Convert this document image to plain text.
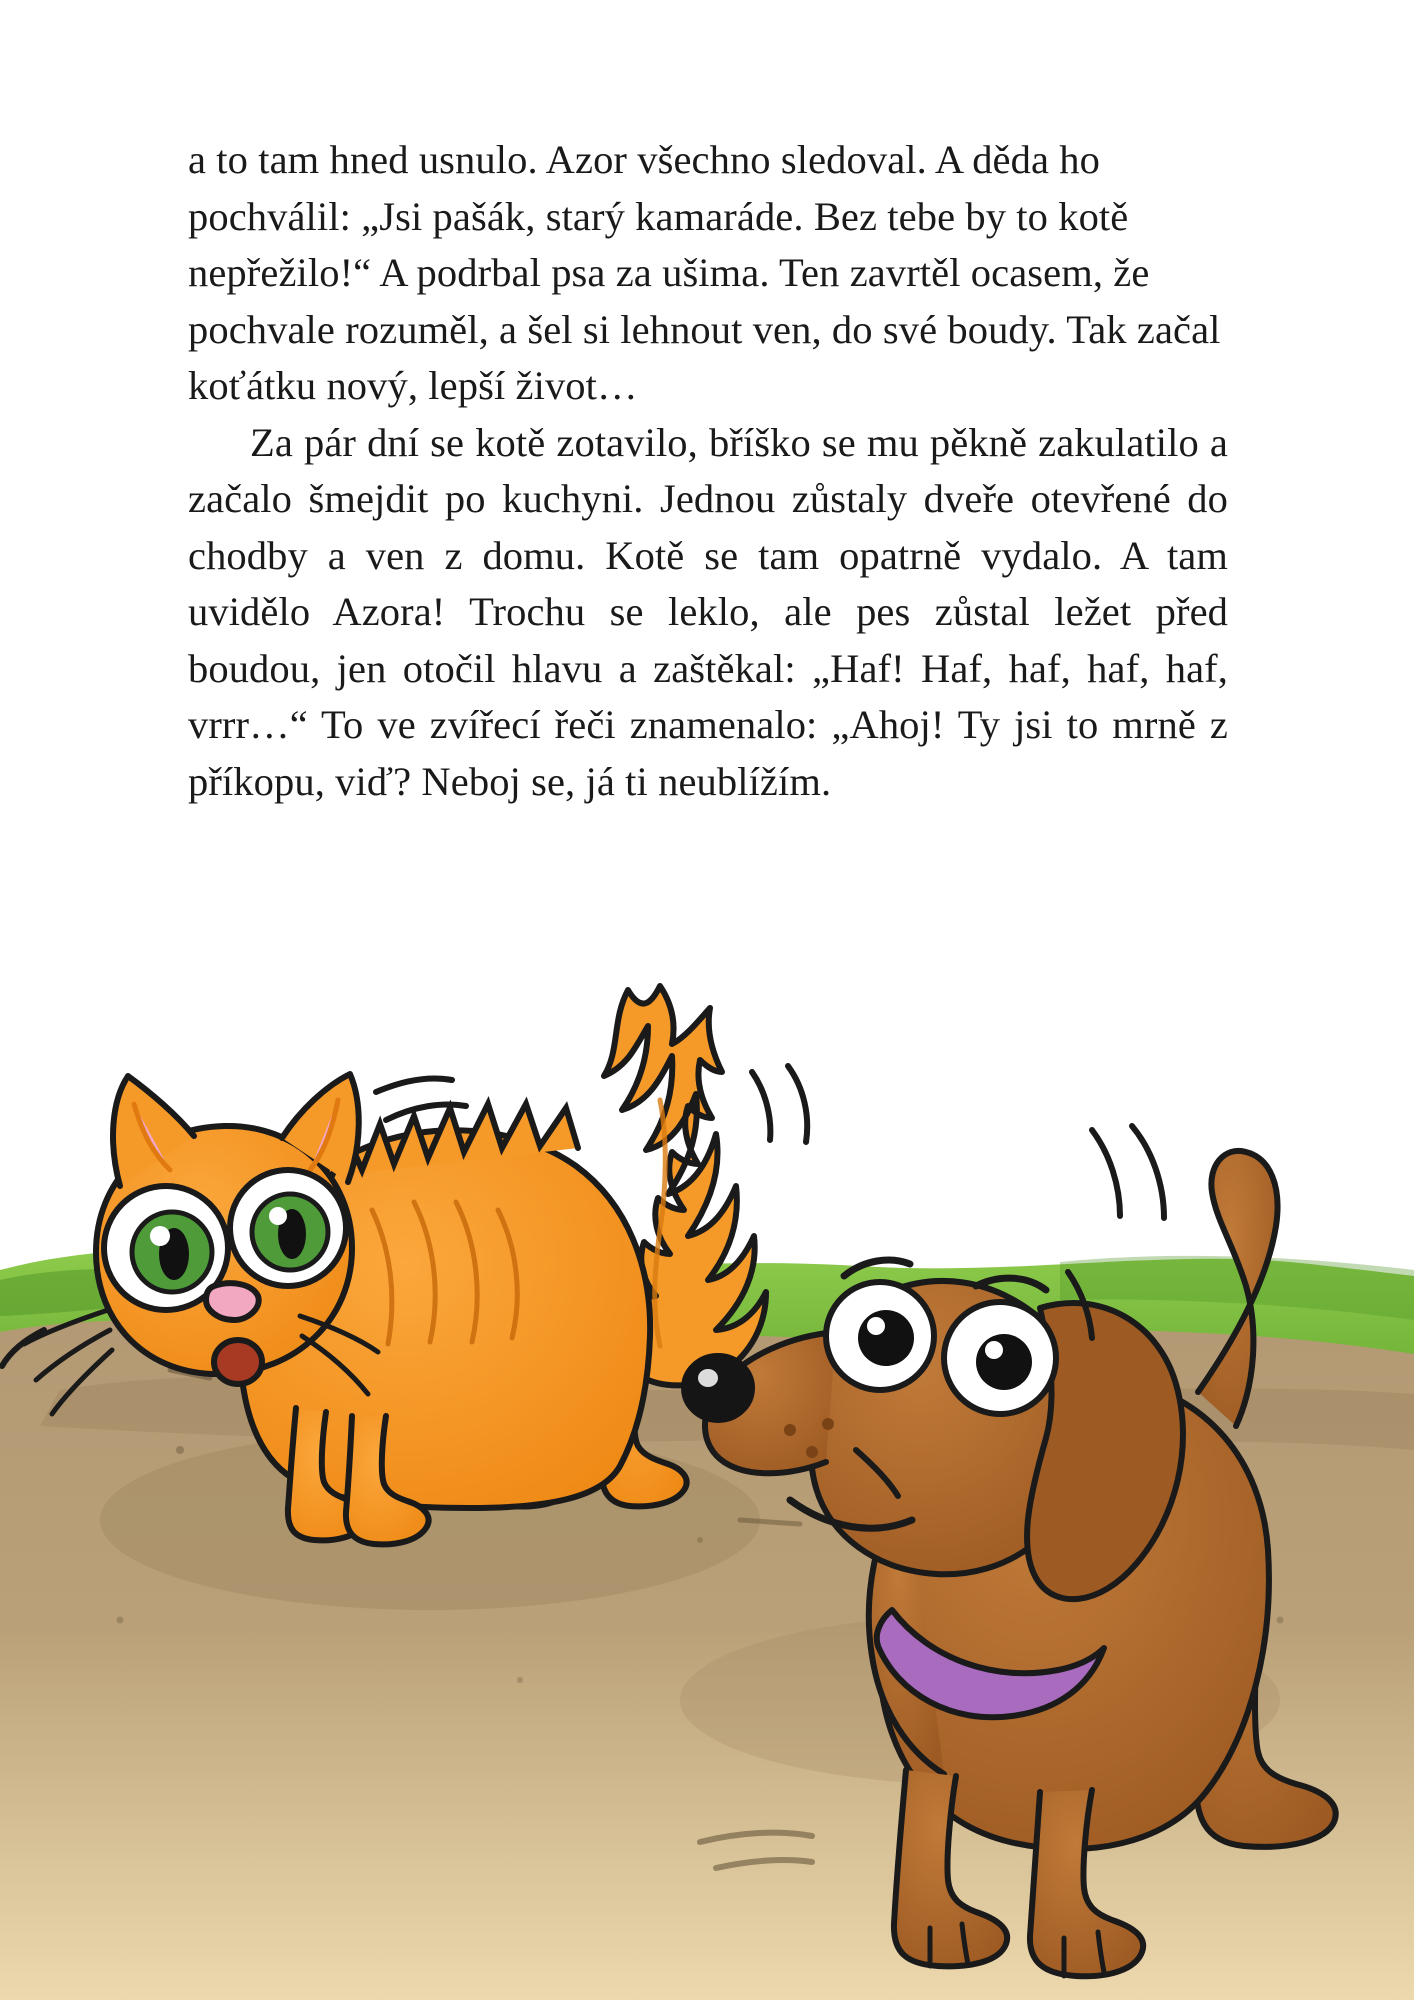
a to tam hned usnulo. Azor všechno sledoval. A děda ho pochválil: „Jsi pašák, starý kamaráde. Bez tebe by to kotě nepřežilo!“ A podrbal psa za ušima. Ten zavrtěl ocasem, že pochvale rozuměl, a šel si lehnout ven, do své boudy. Tak začal koťátku nový, lepší život…

Za pár dní se kotě zotavilo, bříško se mu pěkně zakulatilo a začalo šmejdit po kuchyni. Jednou zůstaly dveře otevřené do chodby a ven z domu. Kotě se tam opatrně vydalo. A tam uvidělo Azora! Trochu se leklo, ale pes zůstal ležet před boudou, jen otočil hlavu a zaštěkal: „Haf! Haf, haf, haf, haf, vrrr…“ To ve zvířecí řeči znamenalo: „Ahoj! Ty jsi to mrně z příkopu, viď? Neboj se, já ti neublížím.
